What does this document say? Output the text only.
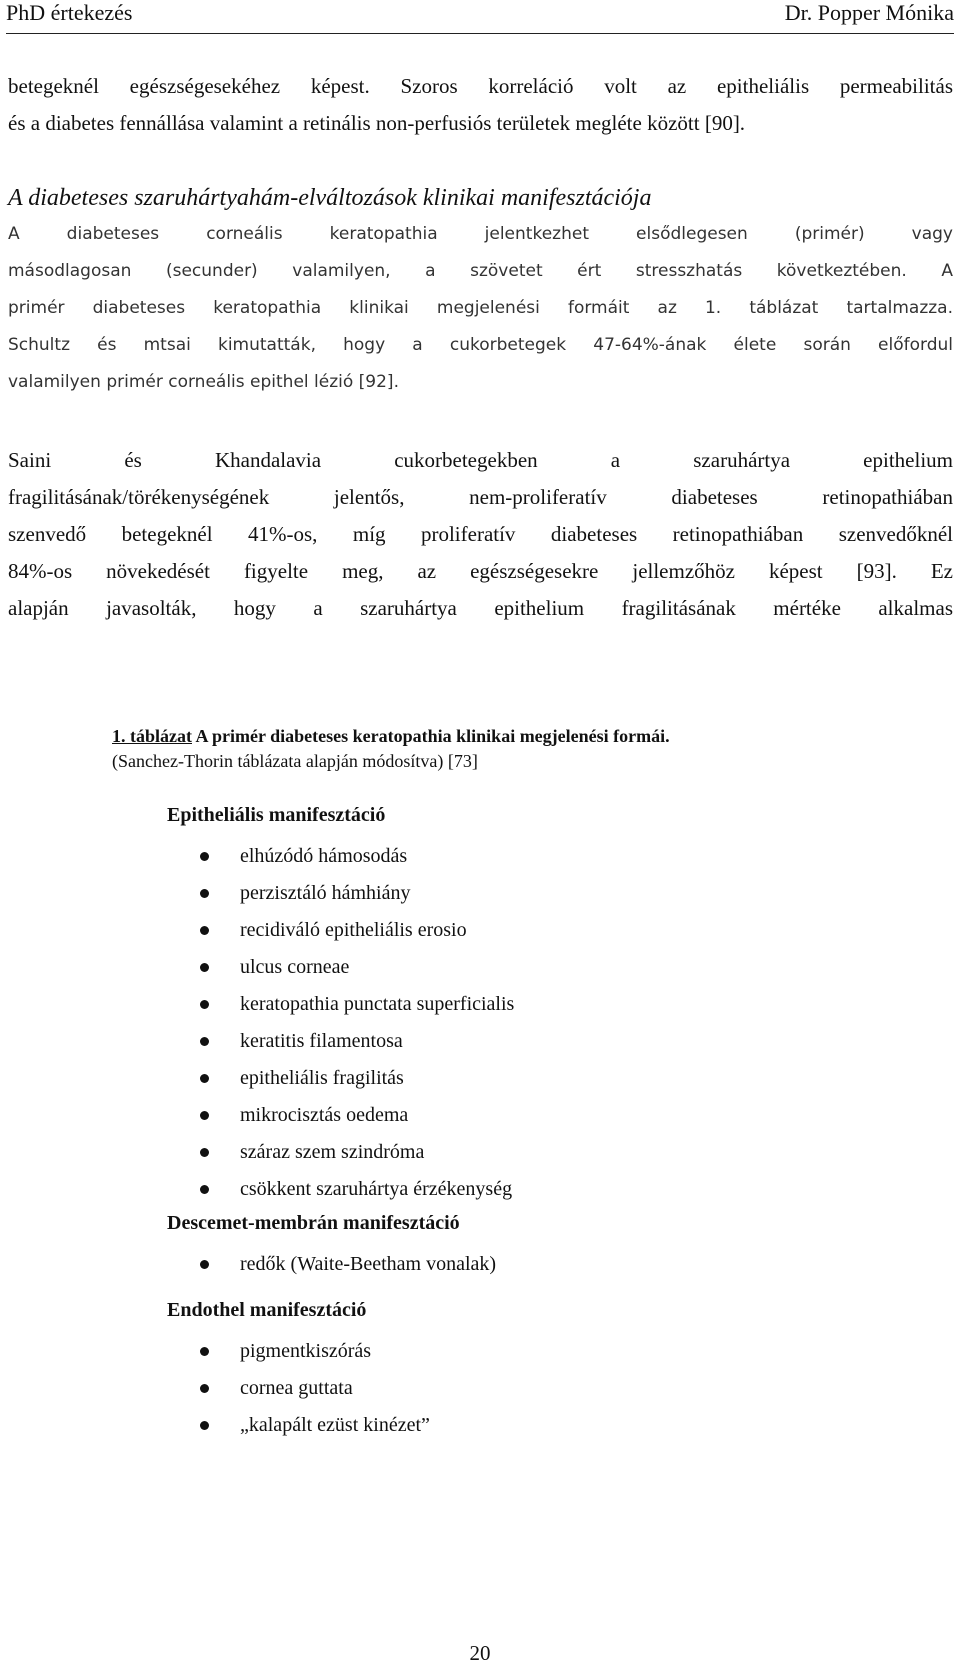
PhD értekezés	Dr. Popper Mónika
betegeknél egészségesekéhez képest. Szoros korreláció volt az epitheliális permeabilitás
és a diabetes fennállása valamint a retinális non-perfusiós területek megléte között [90].
A diabeteses szaruhártyahám-elváltozások klinikai manifesztációja
A diabeteses corneális keratopathia jelentkezhet elsődlegesen (primér) vagy
másodlagosan (secunder) valamilyen, a szövetet ért stresszhatás következtében. A
primér diabeteses keratopathia klinikai megjelenési formáit az 1. táblázat tartalmazza.
Schultz és mtsai kimutatták, hogy a cukorbetegek 47-64%-ának élete során előfordul
valamilyen primér corneális epithel lézió [92].
Saini és Khandalavia cukorbetegekben a szaruhártya epithelium
fragilitásának/törékenységének jelentős, nem-proliferatív diabeteses retinopathiában
szenvedő betegeknél 41%-os, míg proliferatív diabeteses retinopathiában szenvedőknél
84%-os növekedését figyelte meg, az egészségesekre jellemzőhöz képest [93]. Ez
alapján javasolták, hogy a szaruhártya epithelium fragilitásának mértéke alkalmas
1. táblázat A primér diabeteses keratopathia klinikai megjelenési formái.
(Sanchez-Thorin táblázata alapján módosítva) [73]
Epitheliális manifesztáció
elhúzódó hámosodás
perzisztáló hámhiány
recidiváló epitheliális erosio
ulcus corneae
keratopathia punctata superficialis
keratitis filamentosa
epitheliális fragilitás
mikrocisztás oedema
száraz szem szindróma
csökkent szaruhártya érzékenység
Descemet-membrán manifesztáció
redők (Waite-Beetham vonalak)
Endothel manifesztáció
pigmentkiszórás
cornea guttata
„kalapált ezüst kinézet”
20
